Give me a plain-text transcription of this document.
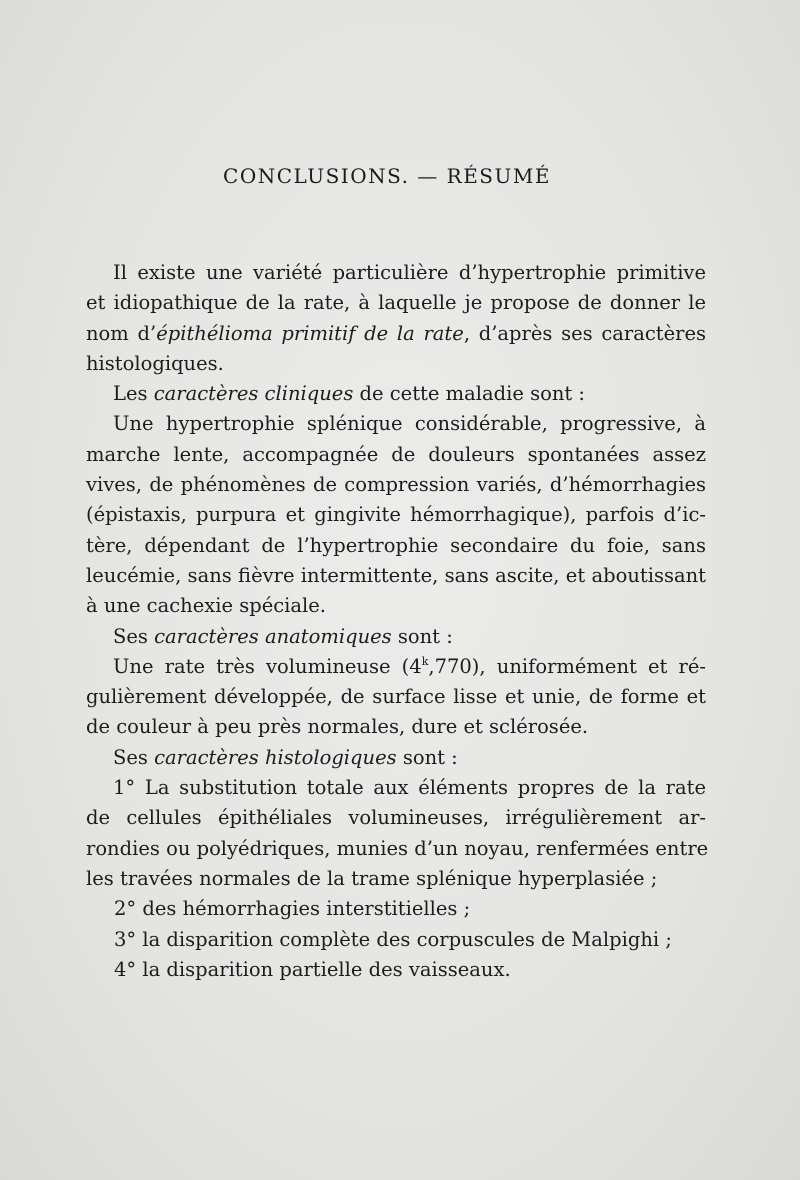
CONCLUSIONS. — RÉSUMÉ
Il existe une variété particulière d’hypertrophie primitive
et idiopathique de la rate, à laquelle je propose de donner le
nom d’épithélioma primitif de la rate, d’après ses caractères
histologiques.
Les caractères cliniques de cette maladie sont :
Une hypertrophie splénique considérable, progressive, à
marche lente, accompagnée de douleurs spontanées assez
vives, de phénomènes de compression variés, d’hémorrhagies
(épistaxis, purpura et gingivite hémorrhagique), parfois d’ic-
tère, dépendant de l’hypertrophie secondaire du foie, sans
leucémie, sans fièvre intermittente, sans ascite, et aboutissant
à une cachexie spéciale.
Ses caractères anatomiques sont :
Une rate très volumineuse (4$^k$,770), uniformément et ré-
gulièrement développée, de surface lisse et unie, de forme et
de couleur à peu près normales, dure et sclérosée.
Ses caractères histologiques sont :
1° La substitution totale aux éléments propres de la rate
de cellules épithéliales volumineuses, irrégulièrement ar-
rondies ou polyédriques, munies d’un noyau, renfermées entre
les travées normales de la trame splénique hyperplasiée ;
2° des hémorrhagies interstitielles ;
3° la disparition complète des corpuscules de Malpighi ;
4° la disparition partielle des vaisseaux.
